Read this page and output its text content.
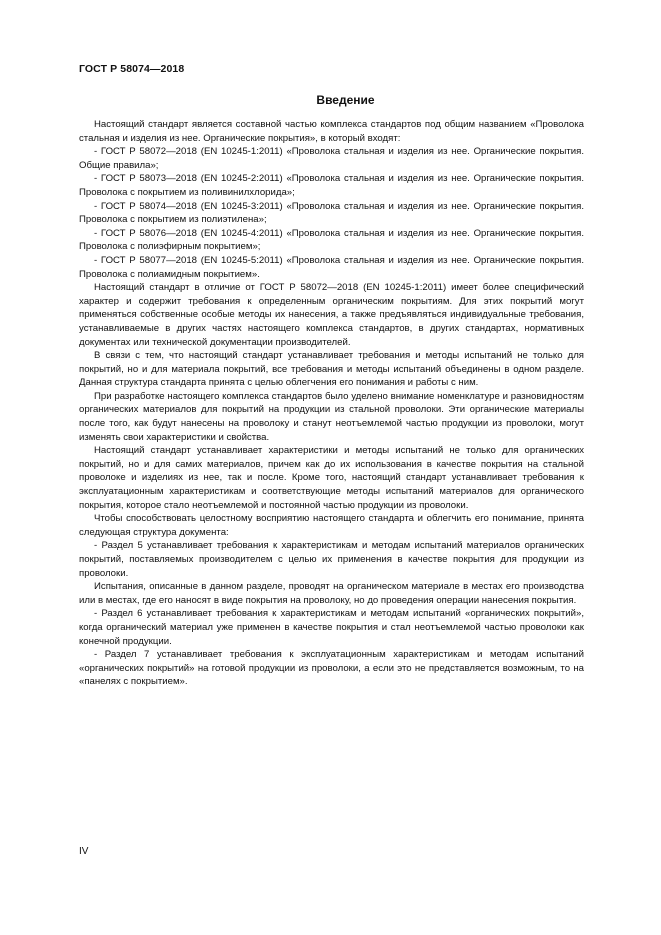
ГОСТ Р 58074—2018
Введение

Настоящий стандарт является составной частью комплекса стандартов под общим названием «Проволока стальная и изделия из нее. Органические покрытия», в который входят:

- ГОСТ Р 58072—2018 (EN 10245-1:2011) «Проволока стальная и изделия из нее. Органические покрытия. Общие правила»;

- ГОСТ Р 58073—2018 (EN 10245-2:2011) «Проволока стальная и изделия из нее. Органические покрытия. Проволока с покрытием из поливинилхлорида»;

- ГОСТ Р 58074—2018 (EN 10245-3:2011) «Проволока стальная и изделия из нее. Органические покрытия. Проволока с покрытием из полиэтилена»;

- ГОСТ Р 58076—2018 (EN 10245-4:2011) «Проволока стальная и изделия из нее. Органические покрытия. Проволока с полиэфирным покрытием»;

- ГОСТ Р 58077—2018 (EN 10245-5:2011) «Проволока стальная и изделия из нее. Органические покрытия. Проволока с полиамидным покрытием».

Настоящий стандарт в отличие от ГОСТ Р 58072—2018 (EN 10245-1:2011) имеет более специфический характер и содержит требования к определенным органическим покрытиям. Для этих покрытий могут применяться собственные особые методы их нанесения, а также предъявляться индивидуальные требования, устанавливаемые в других частях настоящего комплекса стандартов, в других стандартах, нормативных документах или технической документации производителей.

В связи с тем, что настоящий стандарт устанавливает требования и методы испытаний не только для покрытий, но и для материала покрытий, все требования и методы испытаний объединены в одном разделе. Данная структура стандарта принята с целью облегчения его понимания и работы с ним.

При разработке настоящего комплекса стандартов было уделено внимание номенклатуре и разновидностям органических материалов для покрытий на продукции из стальной проволоки. Эти органические материалы после того, как будут нанесены на проволоку и станут неотъемлемой частью продукции из проволоки, могут изменять свои характеристики и свойства.

Настоящий стандарт устанавливает характеристики и методы испытаний не только для органических покрытий, но и для самих материалов, причем как до их использования в качестве покрытия на стальной проволоке и изделиях из нее, так и после. Кроме того, настоящий стандарт устанавливает требования к эксплуатационным характеристикам и соответствующие методы испытаний материалов для органического покрытия, которое стало неотъемлемой и постоянной частью продукции из проволоки.

Чтобы способствовать целостному восприятию настоящего стандарта и облегчить его понимание, принята следующая структура документа:

- Раздел 5 устанавливает требования к характеристикам и методам испытаний материалов органических покрытий, поставляемых производителем с целью их применения в качестве покрытия для продукции из проволоки.

Испытания, описанные в данном разделе, проводят на органическом материале в местах его производства или в местах, где его наносят в виде покрытия на проволоку, но до проведения операции нанесения покрытия.

- Раздел 6 устанавливает требования к характеристикам и методам испытаний «органических покрытий», когда органический материал уже применен в качестве покрытия и стал неотъемлемой частью проволоки как конечной продукции.

- Раздел 7 устанавливает требования к эксплуатационным характеристикам и методам испытаний «органических покрытий» на готовой продукции из проволоки, а если это не представляется возможным, то на «панелях с покрытием».

IV
